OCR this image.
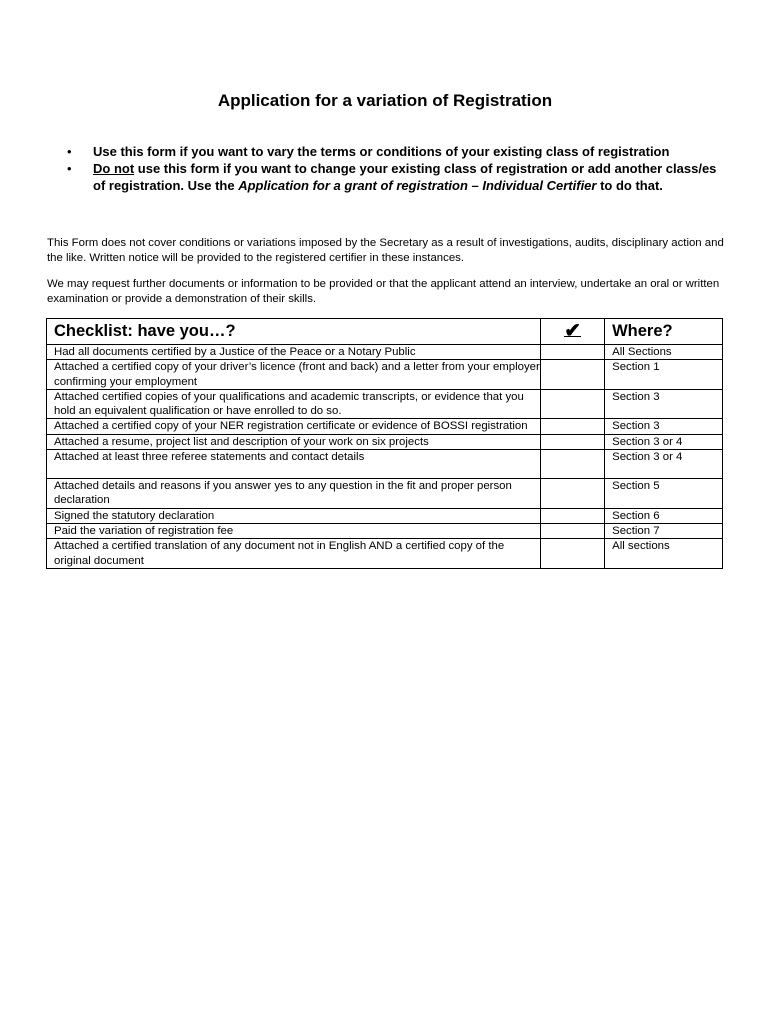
Application for a variation of Registration
• Use this form if you want to vary the terms or conditions of your existing class of registration
• Do not use this form if you want to change your existing class of registration or add another class/es of registration. Use the Application for a grant of registration – Individual Certifier to do that.
This Form does not cover conditions or variations imposed by the Secretary as a result of investigations, audits, disciplinary action and the like. Written notice will be provided to the registered certifier in these instances.
We may request further documents or information to be provided or that the applicant attend an interview, undertake an oral or written examination or provide a demonstration of their skills.
Checklist: have you…?	✔	Where?
Had all documents certified by a Justice of the Peace or a Notary Public		All Sections
Attached a certified copy of your driver’s licence (front and back) and a letter from your employer confirming your employment		Section 1
Attached certified copies of your qualifications and academic transcripts, or evidence that you hold an equivalent qualification or have enrolled to do so.		Section 3
Attached a certified copy of your NER registration certificate or evidence of BOSSI registration		Section 3
Attached a resume, project list and description of your work on six projects		Section 3 or 4
Attached at least three referee statements and contact details		Section 3 or 4
Attached details and reasons if you answer yes to any question in the fit and proper person declaration		Section 5
Signed the statutory declaration		Section 6
Paid the variation of registration fee		Section 7
Attached a certified translation of any document not in English AND a certified copy of the original document		All sections
